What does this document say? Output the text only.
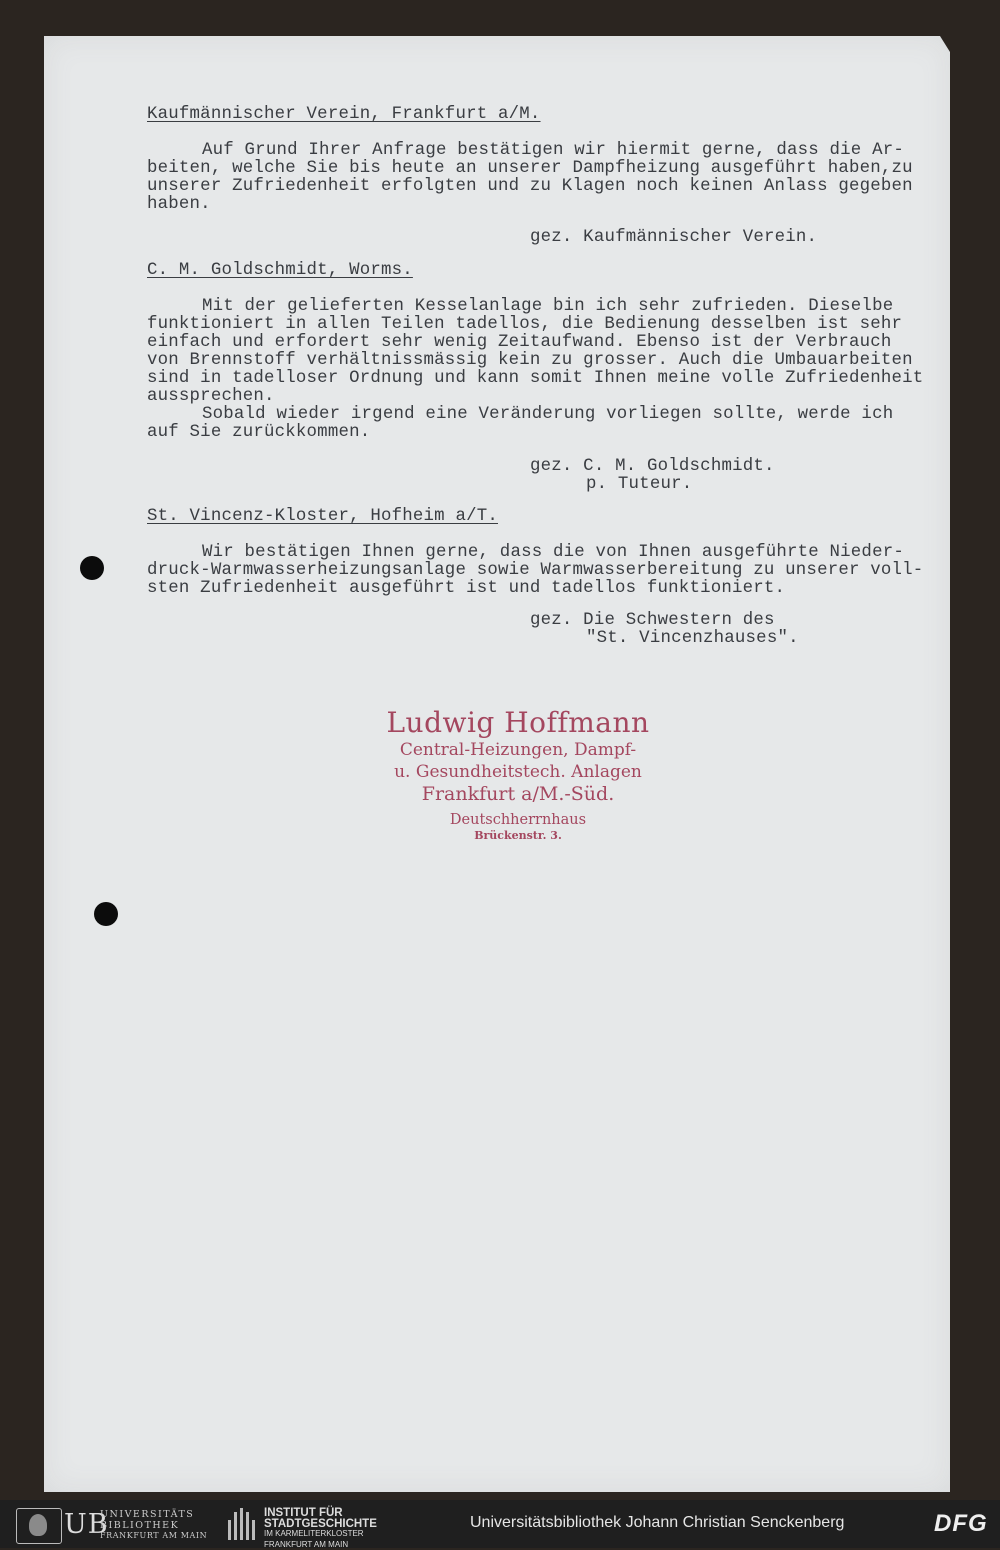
Kaufmännischer Verein, Frankfurt a/M.
Auf Grund Ihrer Anfrage bestätigen wir hiermit gerne, dass die Ar-
beiten, welche Sie bis heute an unserer Dampfheizung ausgeführt haben,zu
unserer Zufriedenheit erfolgten und zu Klagen noch keinen Anlass gegeben
haben.
gez. Kaufmännischer Verein.
C. M. Goldschmidt, Worms.
Mit der gelieferten Kesselanlage bin ich sehr zufrieden. Dieselbe
funktioniert in allen Teilen tadellos, die Bedienung desselben ist sehr
einfach und erfordert sehr wenig Zeitaufwand. Ebenso ist der Verbrauch
von Brennstoff verhältnissmässig kein zu grosser. Auch die Umbauarbeiten
sind in tadelloser Ordnung und kann somit Ihnen meine volle Zufriedenheit
aussprechen.
Sobald wieder irgend eine Veränderung vorliegen sollte, werde ich
auf Sie zurückkommen.
gez. C. M. Goldschmidt.
p. Tuteur.
St. Vincenz-Kloster, Hofheim a/T.
Wir bestätigen Ihnen gerne, dass die von Ihnen ausgeführte Nieder-
druck-Warmwasserheizungsanlage sowie Warmwasserbereitung zu unserer voll-
sten Zufriedenheit ausgeführt ist und tadellos funktioniert.
gez. Die Schwestern des
"St. Vincenzhauses".
Ludwig Hoffmann
Central-Heizungen, Dampf-
u. Gesundheitstech. Anlagen
Frankfurt a/M.-Süd.
Deutschherrnhaus
Brückenstr. 3.
UB
UNIVERSITÄTS
BIBLIOTHEK
FRANKFURT AM MAIN
INSTITUT FÜR
STADTGESCHICHTE
IM KARMELITERKLOSTER
FRANKFURT AM MAIN
Universitätsbibliothek Johann Christian Senckenberg	DFG
